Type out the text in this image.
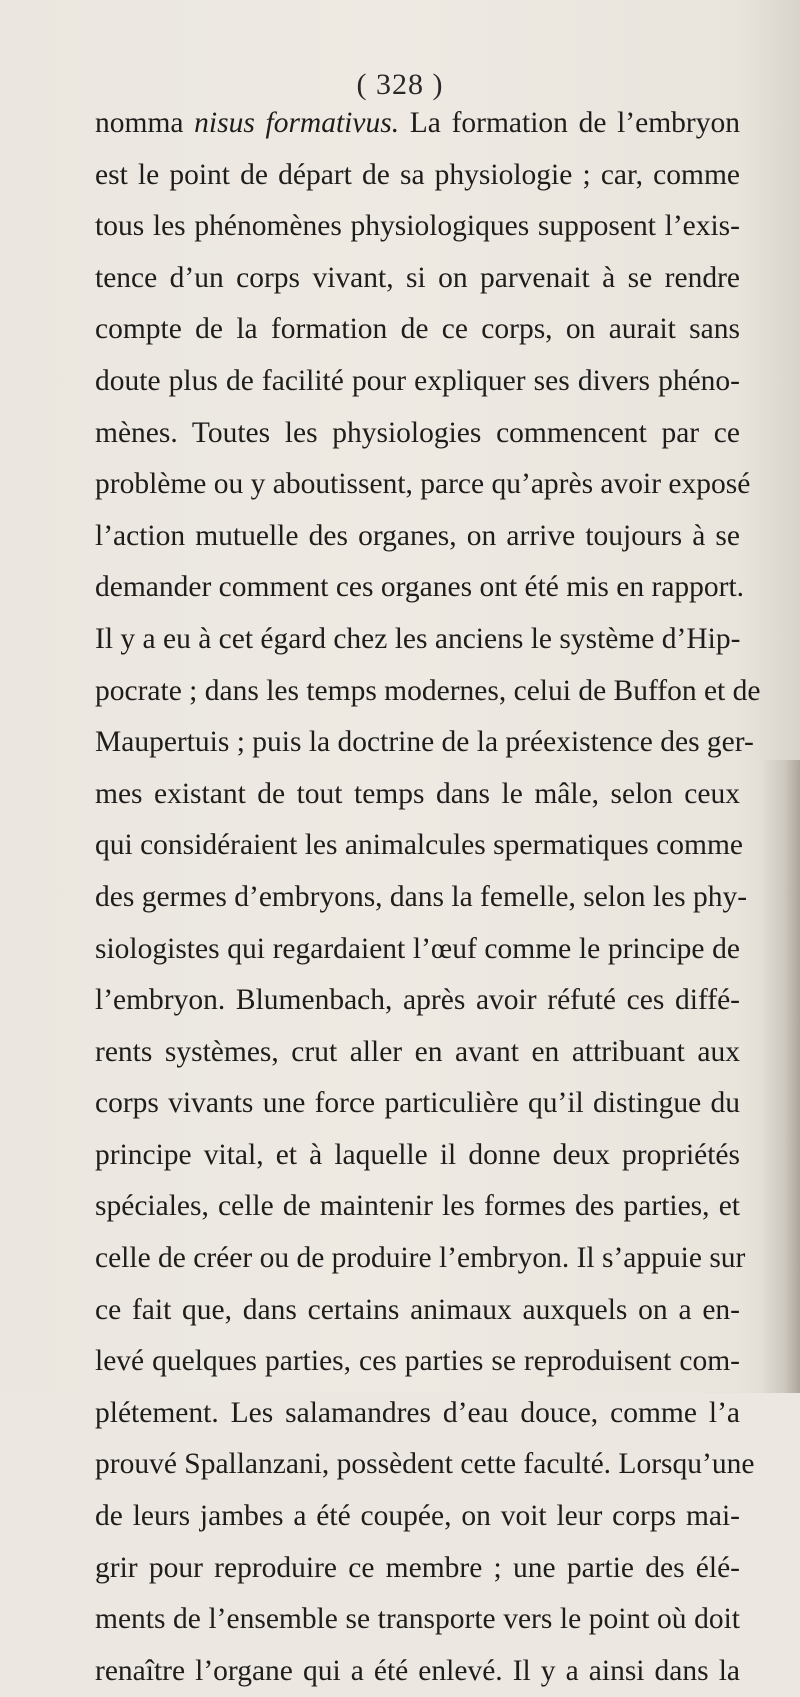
( 328 )
nomma nisus formativus. La formation de l’embryon
est le point de départ de sa physiologie ; car, comme
tous les phénomènes physiologiques supposent l’exis-
tence d’un corps vivant, si on parvenait à se rendre
compte de la formation de ce corps, on aurait sans
doute plus de facilité pour expliquer ses divers phéno-
mènes. Toutes les physiologies commencent par ce
problème ou y aboutissent, parce qu’après avoir exposé
l’action mutuelle des organes, on arrive toujours à se
demander comment ces organes ont été mis en rapport.
Il y a eu à cet égard chez les anciens le système d’Hip-
pocrate ; dans les temps modernes, celui de Buffon et de
Maupertuis ; puis la doctrine de la préexistence des ger-
mes existant de tout temps dans le mâle, selon ceux
qui considéraient les animalcules spermatiques comme
des germes d’embryons, dans la femelle, selon les phy-
siologistes qui regardaient l’œuf comme le principe de
l’embryon. Blumenbach, après avoir réfuté ces diffé-
rents systèmes, crut aller en avant en attribuant aux
corps vivants une force particulière qu’il distingue du
principe vital, et à laquelle il donne deux propriétés
spéciales, celle de maintenir les formes des parties, et
celle de créer ou de produire l’embryon. Il s’appuie sur
ce fait que, dans certains animaux auxquels on a en-
levé quelques parties, ces parties se reproduisent com-
plétement. Les salamandres d’eau douce, comme l’a
prouvé Spallanzani, possèdent cette faculté. Lorsqu’une
de leurs jambes a été coupée, on voit leur corps mai-
grir pour reproduire ce membre ; une partie des élé-
ments de l’ensemble se transporte vers le point où doit
renaître l’organe qui a été enlevé. Il y a ainsi dans la
